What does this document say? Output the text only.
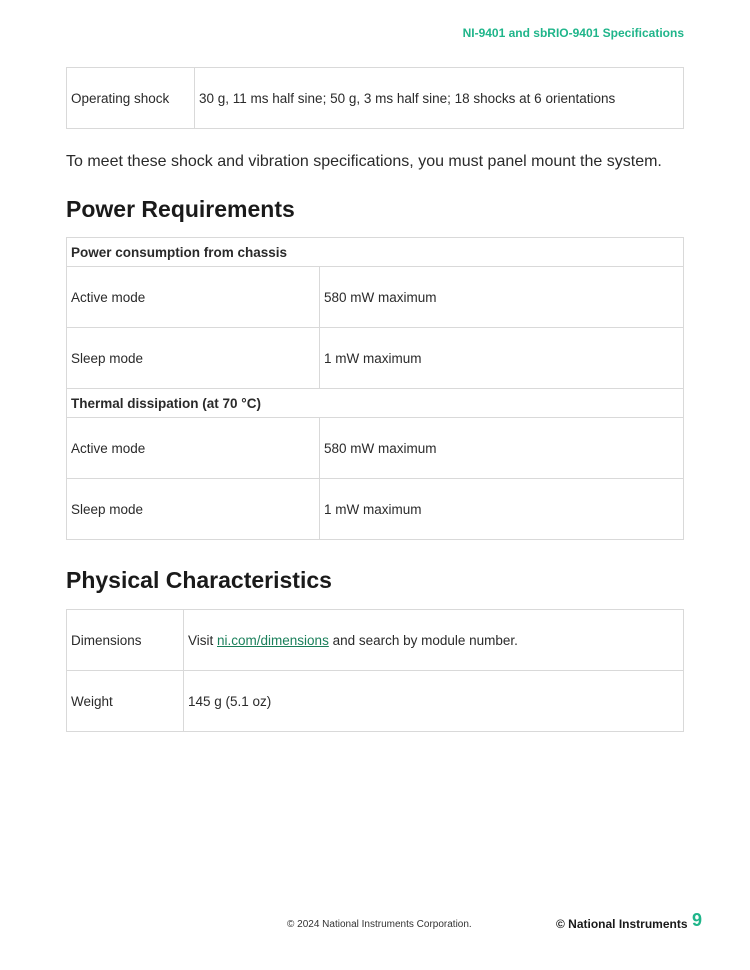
NI-9401 and sbRIO-9401 Specifications
Operating shock	30 g, 11 ms half sine; 50 g, 3 ms half sine; 18 shocks at 6 orientations
To meet these shock and vibration specifications, you must panel mount the system.
Power Requirements
Power consumption from chassis	
Active mode	580 mW maximum
Sleep mode	1 mW maximum
Thermal dissipation (at 70 °C)	
Active mode	580 mW maximum
Sleep mode	1 mW maximum
Physical Characteristics
Dimensions	Visit ni.com/dimensions and search by module number.
Weight	145 g (5.1 oz)
© 2024 National Instruments Corporation.	© National Instruments 9
